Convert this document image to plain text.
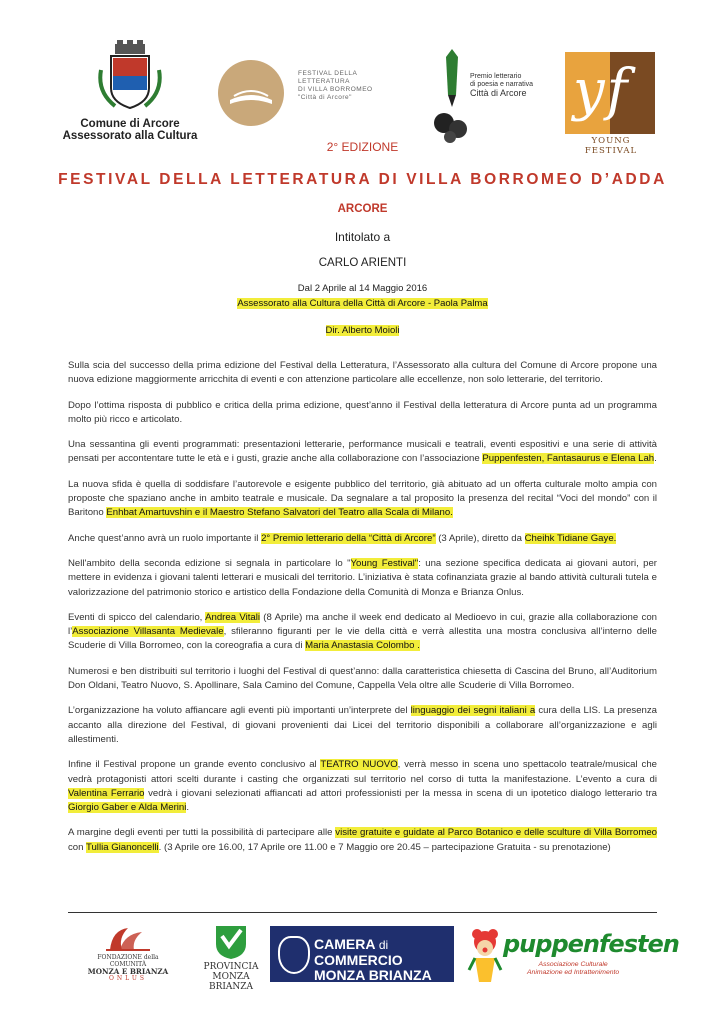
Comune di Arcore
Assessorato alla Cultura
FESTIVAL DELLA LETTERATURA
DI VILLA BORROMEO
"Città di Arcore"
Premio letterario
di poesia e narrativa
Città di Arcore yf
YOUNG FESTIVAL
2° EDIZIONE
FESTIVAL DELLA LETTERATURA DI VILLA BORROMEO D’ADDA
ARCORE
Intitolato a
CARLO ARIENTI
Dal 2 Aprile al 14 Maggio 2016
Assessorato alla Cultura della Città di Arcore - Paola Palma
Dir. Alberto Moioli

Sulla scia del successo della prima edizione del Festival della Letteratura, l’Assessorato alla cultura del Comune di Arcore propone una nuova edizione maggiormente arricchita di eventi e con attenzione particolare alle eccellenze, non solo letterarie, del territorio.

Dopo l’ottima risposta di pubblico e critica della prima edizione, quest’anno il Festival della letteratura di Arcore punta ad un programma molto più ricco e articolato.

Una sessantina gli eventi programmati: presentazioni letterarie, performance musicali e teatrali, eventi espositivi e una serie di attività pensati per accontentare tutte le età e i gusti, grazie anche alla collaborazione con l’associazione Puppenfesten, Fantasaurus e Elena Lah.

La nuova sfida è quella di soddisfare l’autorevole e esigente pubblico del territorio, già abituato ad un offerta culturale molto ampia con proposte che spaziano anche in ambito teatrale e musicale. Da segnalare a tal proposito la presenza del recital “Voci del mondo” con il Baritono Enhbat Amartuvshin e il Maestro Stefano Salvatori del Teatro alla Scala di Milano.

Anche quest’anno avrà un ruolo importante il 2° Premio letterario della “Città di Arcore” (3 Aprile), diretto da Cheihk Tidiane Gaye.

Nell'ambito della seconda edizione si segnala in particolare lo "Young Festival": una sezione specifica dedicata ai giovani autori, per mettere in evidenza i giovani talenti letterari e musicali del territorio. L’iniziativa è stata cofinanziata grazie al bando attività culturali tutela e valorizzazione del patrimonio storico e artistico della Fondazione della Comunità di Monza e Brianza Onlus.

Eventi di spicco del calendario, Andrea Vitali (8 Aprile) ma anche il week end dedicato al Medioevo in cui, grazie alla collaborazione con l’Associazione Villasanta Medievale, sfileranno figuranti per le vie della città e verrà allestita una mostra conclusiva all’interno delle Scuderie di Villa Borromeo, con la coreografia a cura di Maria Anastasia Colombo .

Numerosi e ben distribuiti sul territorio i luoghi del Festival di quest’anno: dalla caratteristica chiesetta di Cascina del Bruno, all’Auditorium Don Oldani, Teatro Nuovo, S. Apollinare, Sala Camino del Comune, Cappella Vela oltre alle Scuderie di Villa Borromeo.

L’organizzazione ha voluto affiancare agli eventi più importanti un’interprete del linguaggio dei segni italiani a cura della LIS. La presenza accanto alla direzione del Festival, di giovani provenienti dai Licei del territorio disponibili a collaborare all’organizzazione e agli allestimenti.

Infine il Festival propone un grande evento conclusivo al TEATRO NUOVO, verrà messo in scena uno spettacolo teatrale/musical che vedrà protagonisti attori scelti durante i casting che organizzati sul territorio nel corso di tutta la manifestazione. L’evento a cura di Valentina Ferrario vedrà i giovani selezionati affiancati ad attori professionisti per la messa in scena di un ipotetico dialogo letterario tra Giorgio Gaber e Alda Merini.

A margine degli eventi per tutti la possibilità di partecipare alle visite gratuite e guidate al Parco Botanico e delle sculture di Villa Borromeo con Tullia Gianoncelli. (3 Aprile ore 16.00, 17 Aprile ore 11.00 e 7 Maggio ore 20.45 – partecipazione Gratuita - su prenotazione)

FONDAZIONE della COMUNITÀ
MONZA E BRIANZA
ONLUS
PROVINCIA
MONZA BRIANZA
CAMERA di COMMERCIO
MONZA BRIANZA
puppenfesten
Associazione Culturale
Animazione ed Intrattenimento
